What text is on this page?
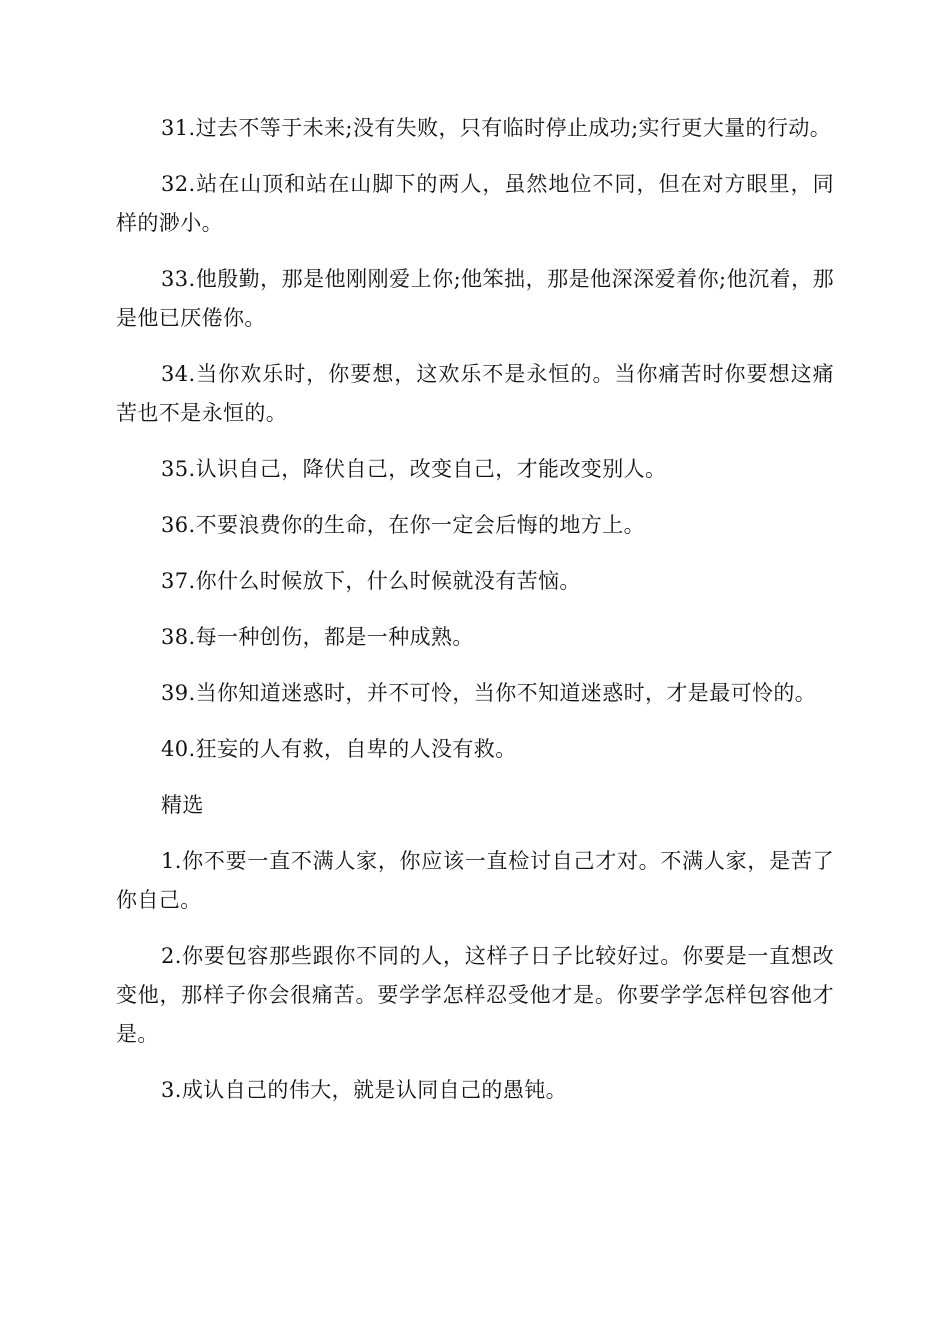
31.过去不等于未来;没有失败，只有临时停止成功;实行更大量的行动。

32.站在山顶和站在山脚下的两人，虽然地位不同，但在对方眼里，同样的渺小。

33.他殷勤，那是他刚刚爱上你;他笨拙，那是他深深爱着你;他沉着，那是他已厌倦你。

34.当你欢乐时，你要想，这欢乐不是永恒的。当你痛苦时你要想这痛苦也不是永恒的。

35.认识自己，降伏自己，改变自己，才能改变别人。

36.不要浪费你的生命，在你一定会后悔的地方上。

37.你什么时候放下，什么时候就没有苦恼。

38.每一种创伤，都是一种成熟。

39.当你知道迷惑时，并不可怜，当你不知道迷惑时，才是最可怜的。

40.狂妄的人有救，自卑的人没有救。

精选

1.你不要一直不满人家，你应该一直检讨自己才对。不满人家，是苦了你自己。

2.你要包容那些跟你不同的人，这样子日子比较好过。你要是一直想改变他，那样子你会很痛苦。要学学怎样忍受他才是。你要学学怎样包容他才是。

3.成认自己的伟大，就是认同自己的愚钝。
